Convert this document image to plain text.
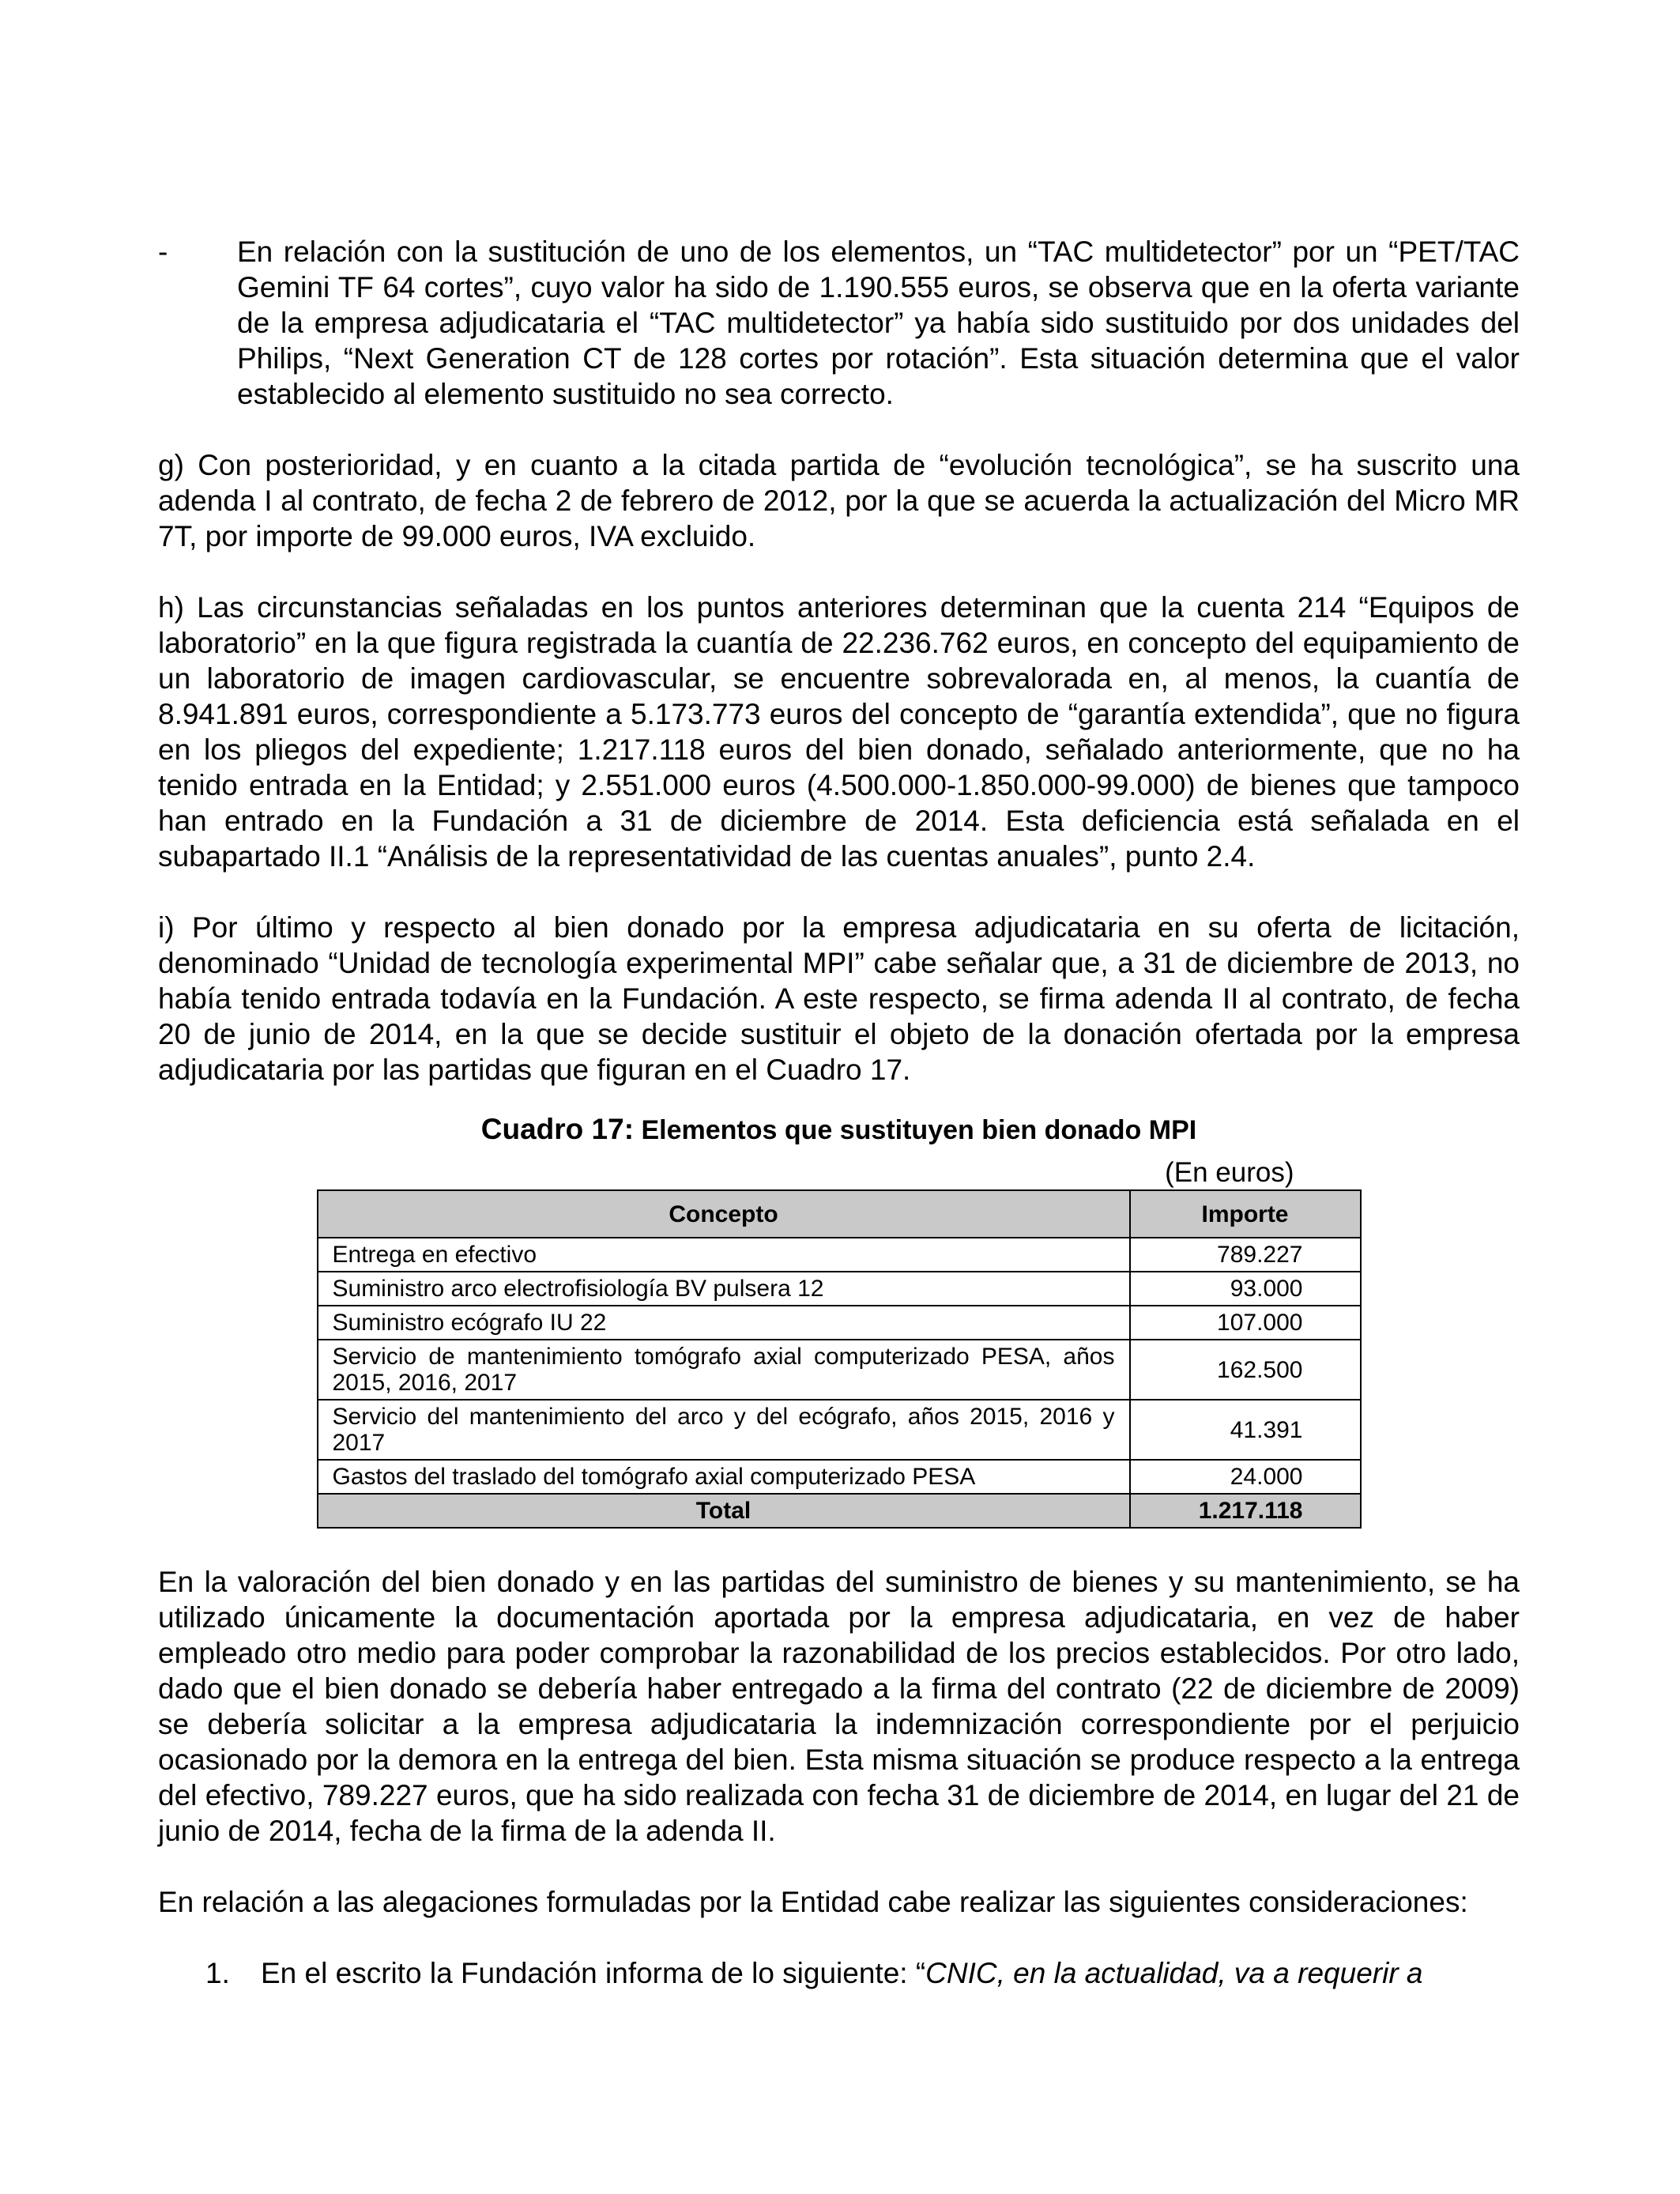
- En relación con la sustitución de uno de los elementos, un “TAC multidetector” por un “PET/TAC Gemini TF 64 cortes”, cuyo valor ha sido de 1.190.555 euros, se observa que en la oferta variante de la empresa adjudicataria el “TAC multidetector” ya había sido sustituido por dos unidades del Philips, “Next Generation CT de 128 cortes por rotación”. Esta situación determina que el valor establecido al elemento sustituido no sea correcto.

g) Con posterioridad, y en cuanto a la citada partida de “evolución tecnológica”, se ha suscrito una adenda I al contrato, de fecha 2 de febrero de 2012, por la que se acuerda la actualización del Micro MR 7T, por importe de 99.000 euros, IVA excluido.

h) Las circunstancias señaladas en los puntos anteriores determinan que la cuenta 214 “Equipos de laboratorio” en la que figura registrada la cuantía de 22.236.762 euros, en concepto del equipamiento de un laboratorio de imagen cardiovascular, se encuentre sobrevalorada en, al menos, la cuantía de 8.941.891 euros, correspondiente a 5.173.773 euros del concepto de “garantía extendida”, que no figura en los pliegos del expediente; 1.217.118 euros del bien donado, señalado anteriormente, que no ha tenido entrada en la Entidad; y 2.551.000 euros (4.500.000-1.850.000-99.000) de bienes que tampoco han entrado en la Fundación a 31 de diciembre de 2014. Esta deficiencia está señalada en el subapartado II.1 “Análisis de la representatividad de las cuentas anuales”, punto 2.4.

i) Por último y respecto al bien donado por la empresa adjudicataria en su oferta de licitación, denominado “Unidad de tecnología experimental MPI” cabe señalar que, a 31 de diciembre de 2013, no había tenido entrada todavía en la Fundación. A este respecto, se firma adenda II al contrato, de fecha 20 de junio de 2014, en la que se decide sustituir el objeto de la donación ofertada por la empresa adjudicataria por las partidas que figuran en el Cuadro 17.

Cuadro 17: Elementos que sustituyen bien donado MPI
(En euros)
Concepto	Importe
Entrega en efectivo	789.227
Suministro arco electrofisiología BV pulsera 12	93.000
Suministro ecógrafo IU 22	107.000
Servicio de mantenimiento tomógrafo axial computerizado PESA, años 2015, 2016, 2017	162.500
Servicio del mantenimiento del arco y del ecógrafo, años 2015, 2016 y 2017	41.391
Gastos del traslado del tomógrafo axial computerizado PESA	24.000
Total	1.217.118

En la valoración del bien donado y en las partidas del suministro de bienes y su mantenimiento, se ha utilizado únicamente la documentación aportada por la empresa adjudicataria, en vez de haber empleado otro medio para poder comprobar la razonabilidad de los precios establecidos. Por otro lado, dado que el bien donado se debería haber entregado a la firma del contrato (22 de diciembre de 2009) se debería solicitar a la empresa adjudicataria la indemnización correspondiente por el perjuicio ocasionado por la demora en la entrega del bien. Esta misma situación se produce respecto a la entrega del efectivo, 789.227 euros, que ha sido realizada con fecha 31 de diciembre de 2014, en lugar del 21 de junio de 2014, fecha de la firma de la adenda II.

En relación a las alegaciones formuladas por la Entidad cabe realizar las siguientes consideraciones:

1. En el escrito la Fundación informa de lo siguiente: “CNIC, en la actualidad, va a requerir a
